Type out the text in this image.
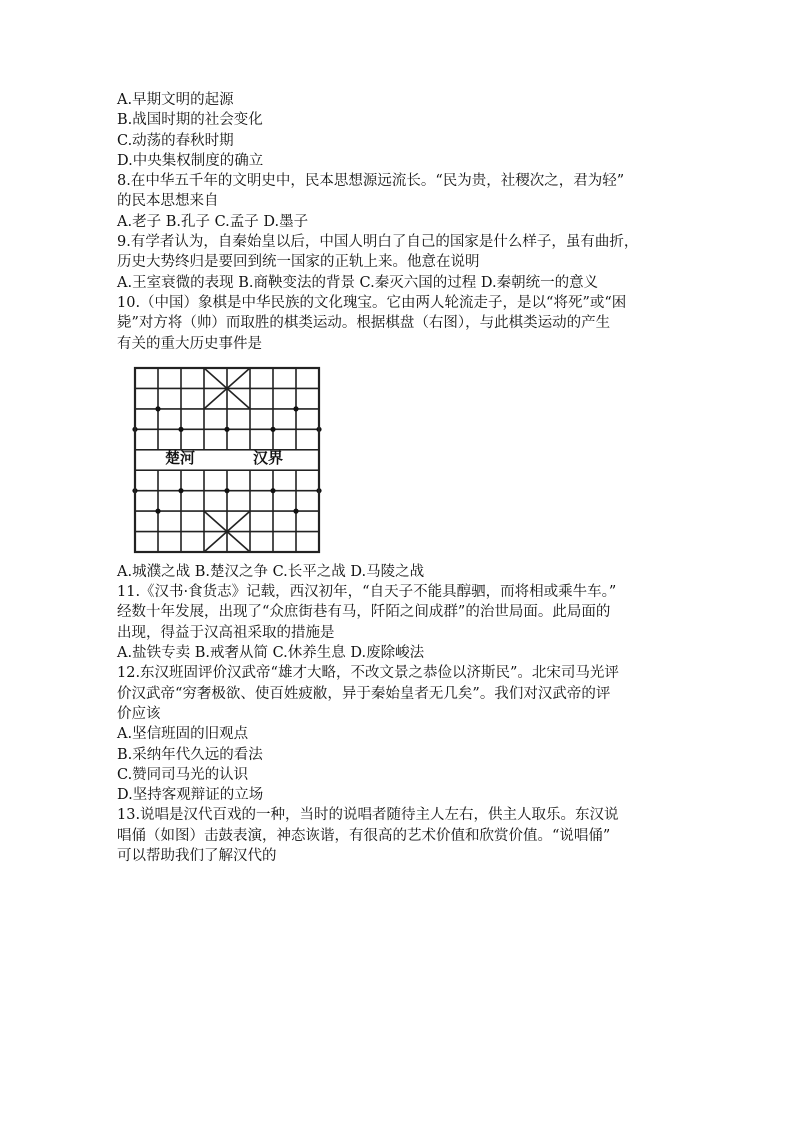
A.早期文明的起源
B.战国时期的社会变化
C.动荡的春秋时期
D.中央集权制度的确立
8.在中华五千年的文明史中，民本思想源远流长。“民为贵，社稷次之，君为轻”
的民本思想来自
A.老子 B.孔子 C.孟子 D.墨子
9.有学者认为，自秦始皇以后，中国人明白了自己的国家是什么样子，虽有曲折，
历史大势终归是要回到统一国家的正轨上来。他意在说明
A.王室衰微的表现 B.商鞅变法的背景 C.秦灭六国的过程 D.秦朝统一的意义
10.（中国）象棋是中华民族的文化瑰宝。它由两人轮流走子，是以“将死”或“困
毙”对方将（帅）而取胜的棋类运动。根据棋盘（右图），与此棋类运动的产生
有关的重大历史事件是
楚河	汉界
A.城濮之战 B.楚汉之争 C.长平之战 D.马陵之战
11.《汉书·食货志》记载，西汉初年，“自天子不能具醇驷，而将相或乘牛车。”
经数十年发展，出现了“众庶街巷有马，阡陌之间成群”的治世局面。此局面的
出现，得益于汉高祖采取的措施是
A.盐铁专卖 B.戒奢从简 C.休养生息 D.废除峻法
12.东汉班固评价汉武帝“雄才大略，不改文景之恭俭以济斯民”。北宋司马光评
价汉武帝“穷奢极欲、使百姓疲敝，异于秦始皇者无几矣”。我们对汉武帝的评
价应该
A.坚信班固的旧观点
B.采纳年代久远的看法
C.赞同司马光的认识
D.坚持客观辩证的立场
13.说唱是汉代百戏的一种，当时的说唱者随待主人左右，供主人取乐。东汉说
唱俑（如图）击鼓表演，神态诙谐，有很高的艺术价值和欣赏价值。“说唱俑”
可以帮助我们了解汉代的
